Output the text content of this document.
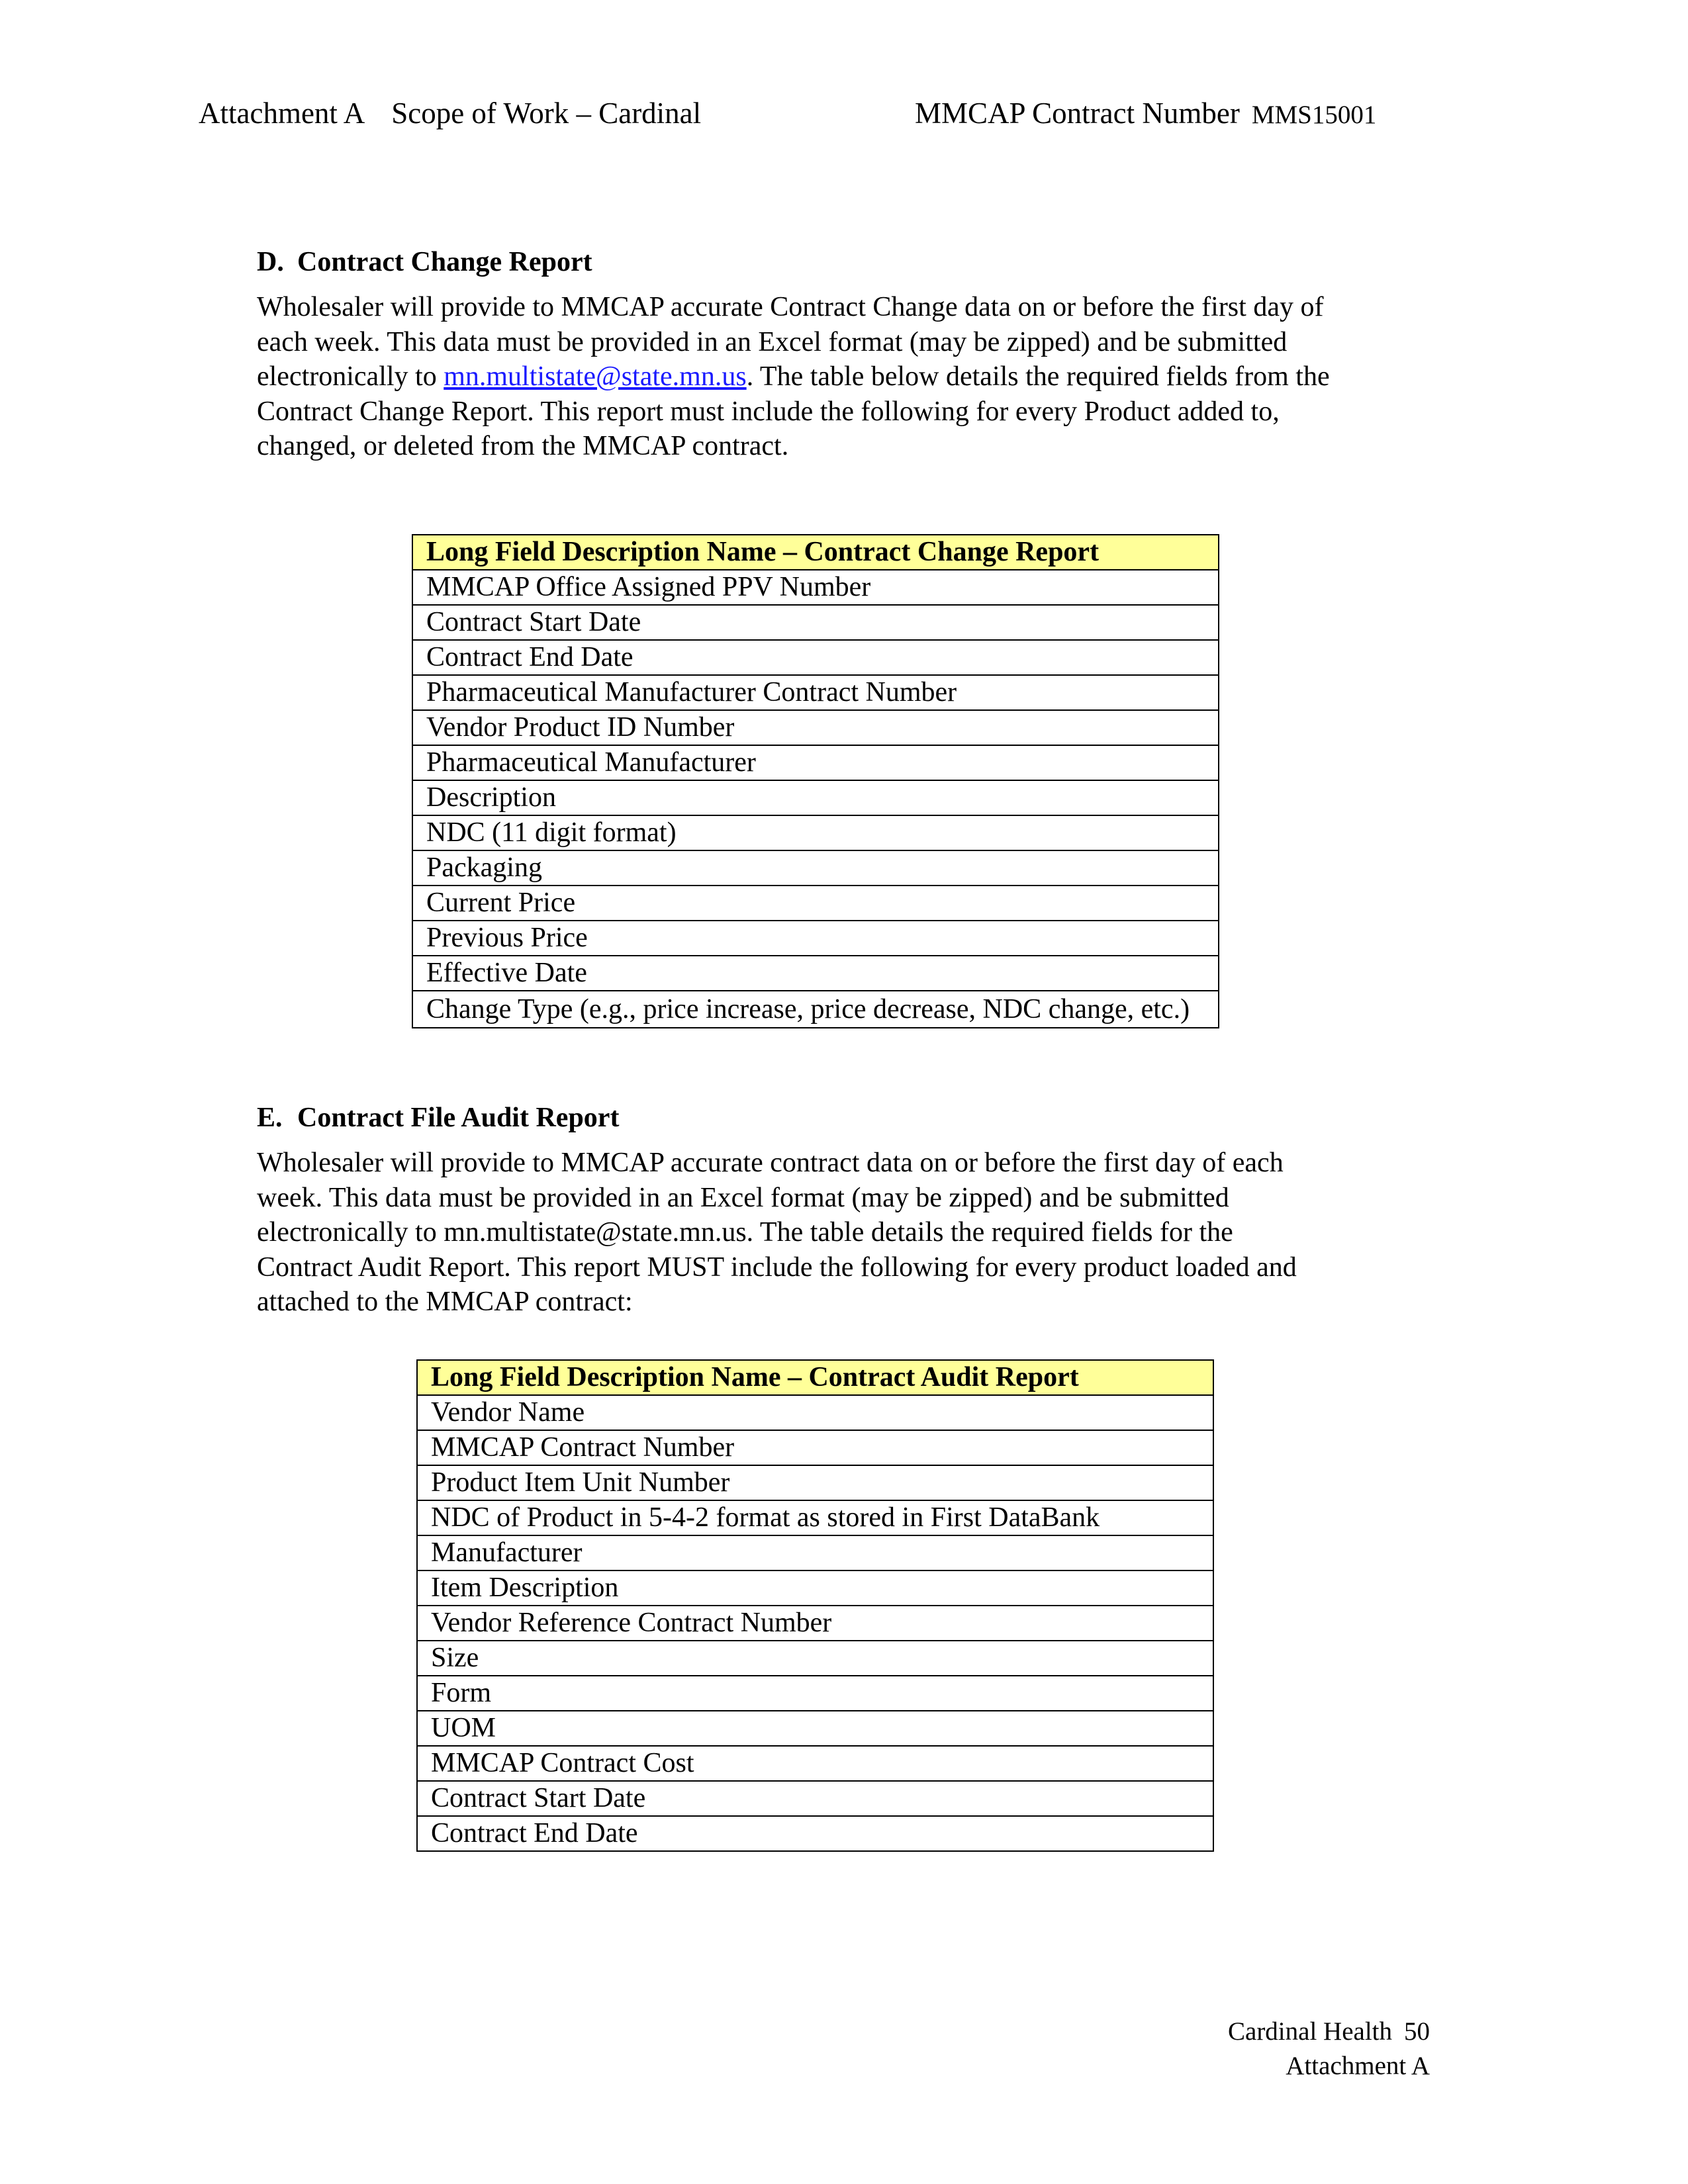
Attachment A Scope of Work – Cardinal	MMCAP Contract Number MMS15001
D. Contract Change Report
Wholesaler will provide to MMCAP accurate Contract Change data on or before the first day of
each week. This data must be provided in an Excel format (may be zipped) and be submitted
electronically to mn.multistate@state.mn.us. The table below details the required fields from the
Contract Change Report. This report must include the following for every Product added to,
changed, or deleted from the MMCAP contract.
Long Field Description Name – Contract Change Report
MMCAP Office Assigned PPV Number
Contract Start Date
Contract End Date
Pharmaceutical Manufacturer Contract Number
Vendor Product ID Number
Pharmaceutical Manufacturer
Description
NDC (11 digit format)
Packaging
Current Price
Previous Price
Effective Date
Change Type (e.g., price increase, price decrease, NDC change, etc.)
E. Contract File Audit Report
Wholesaler will provide to MMCAP accurate contract data on or before the first day of each
week. This data must be provided in an Excel format (may be zipped) and be submitted
electronically to mn.multistate@state.mn.us. The table details the required fields for the
Contract Audit Report. This report MUST include the following for every product loaded and
attached to the MMCAP contract:
Long Field Description Name – Contract Audit Report
Vendor Name
MMCAP Contract Number
Product Item Unit Number
NDC of Product in 5-4-2 format as stored in First DataBank
Manufacturer
Item Description
Vendor Reference Contract Number
Size
Form
UOM
MMCAP Contract Cost
Contract Start Date
Contract End Date
Cardinal Health 50
Attachment A
